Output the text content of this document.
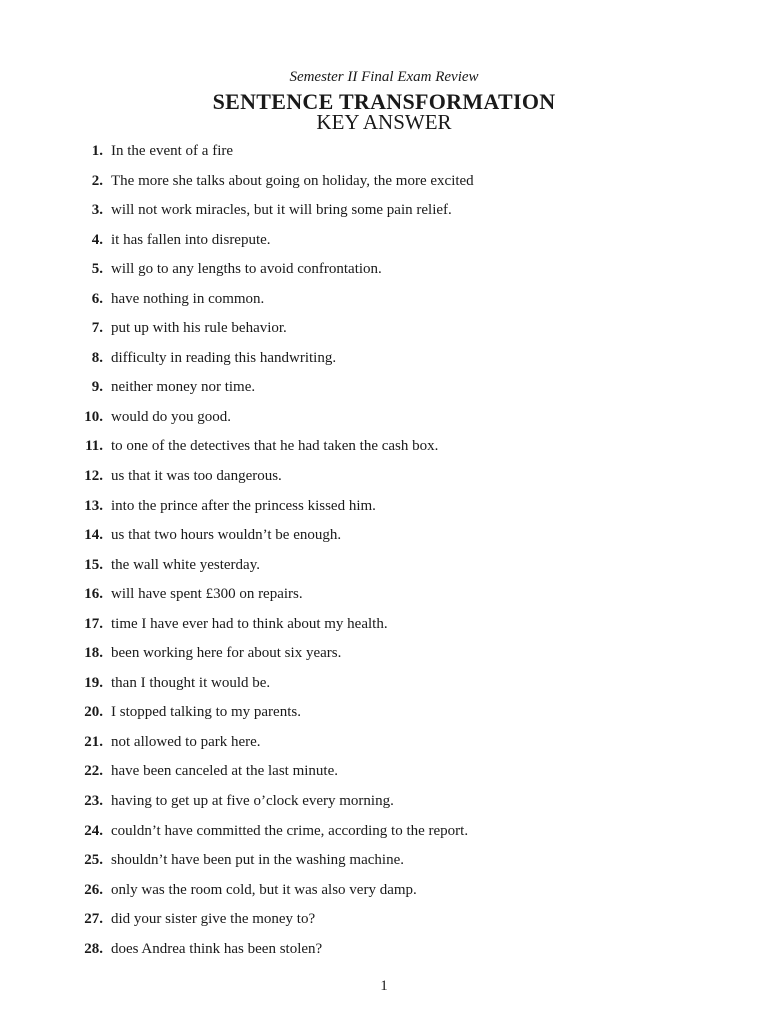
Semester II Final Exam Review
SENTENCE TRANSFORMATION
KEY ANSWER
1. In the event of a fire
2. The more she talks about going on holiday, the more excited
3. will not work miracles, but it will bring some pain relief.
4. it has fallen into disrepute.
5. will go to any lengths to avoid confrontation.
6. have nothing in common.
7. put up with his rule behavior.
8. difficulty in reading this handwriting.
9. neither money nor time.
10. would do you good.
11. to one of the detectives that he had taken the cash box.
12. us that it was too dangerous.
13. into the prince after the princess kissed him.
14. us that two hours wouldn’t be enough.
15. the wall white yesterday.
16. will have spent £300 on repairs.
17. time I have ever had to think about my health.
18. been working here for about six years.
19. than I thought it would be.
20. I stopped talking to my parents.
21. not allowed to park here.
22. have been canceled at the last minute.
23. having to get up at five o’clock every morning.
24. couldn’t have committed the crime, according to the report.
25. shouldn’t have been put in the washing machine.
26. only was the room cold, but it was also very damp.
27. did your sister give the money to?
28. does Andrea think has been stolen?
1
